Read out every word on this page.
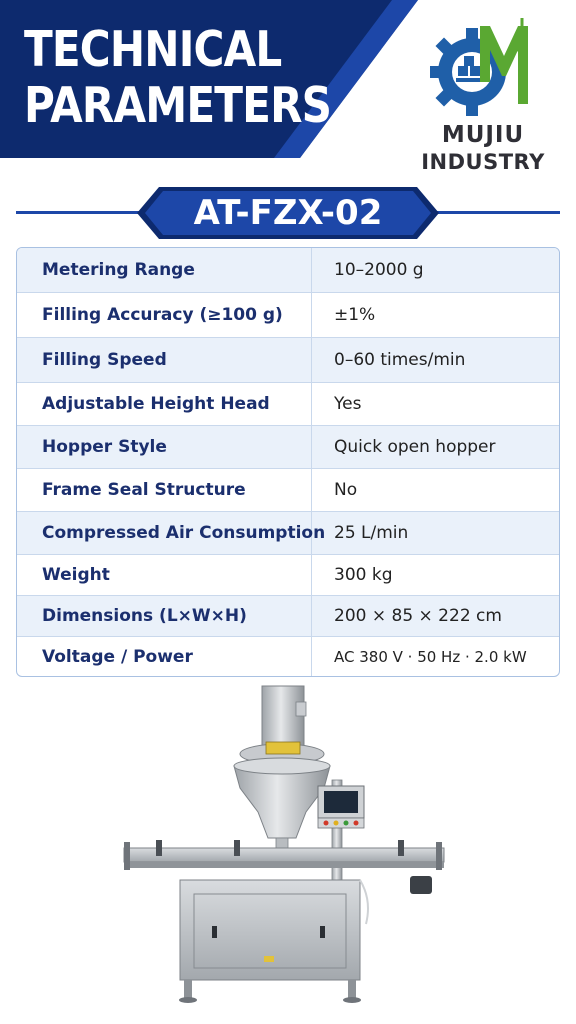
TECHNICAL
PARAMETERS
MUJIU
INDUSTRY
AT-FZX-02
Metering Range	10–2000 g
Filling Accuracy (≥100 g)	±1%
Filling Speed	0–60 times/min
Adjustable Height Head	Yes
Hopper Style	Quick open hopper
Frame Seal Structure	No
Compressed Air Consumption 25 L/min
Weight	300 kg
Dimensions (L×W×H)	200 × 85 × 222 cm
Voltage / Power	AC 380 V · 50 Hz · 2.0 kW
